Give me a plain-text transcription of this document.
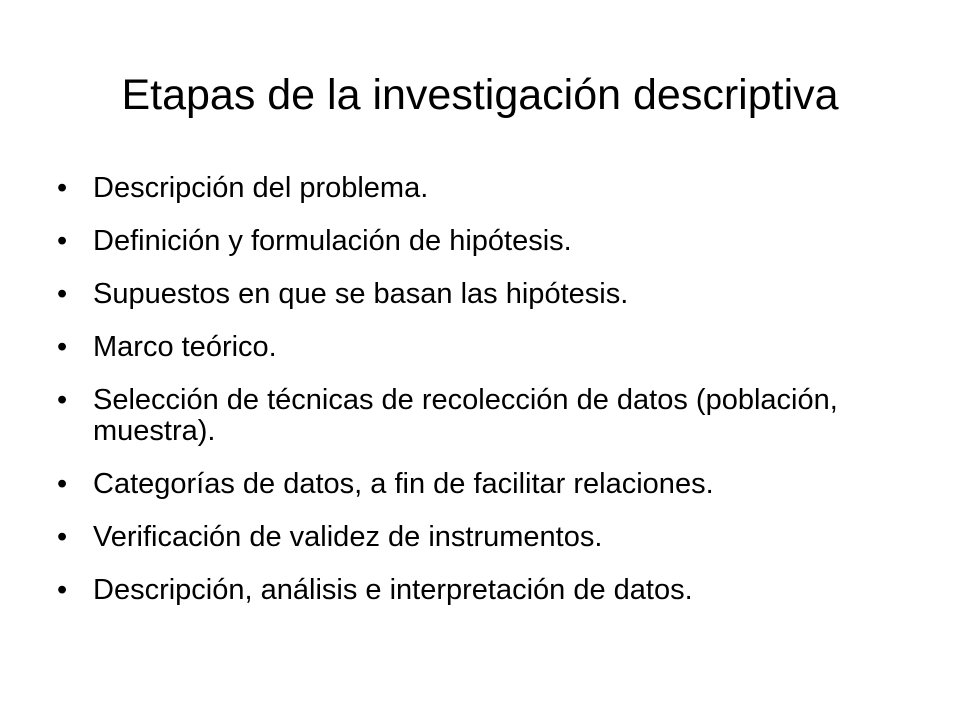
Etapas de la investigación descriptiva
• Descripción del problema.
• Definición y formulación de hipótesis.
• Supuestos en que se basan las hipótesis.
• Marco teórico.
• Selección de técnicas de recolección de datos (población, muestra).
• Categorías de datos, a fin de facilitar relaciones.
• Verificación de validez de instrumentos.
• Descripción, análisis e interpretación de datos.
